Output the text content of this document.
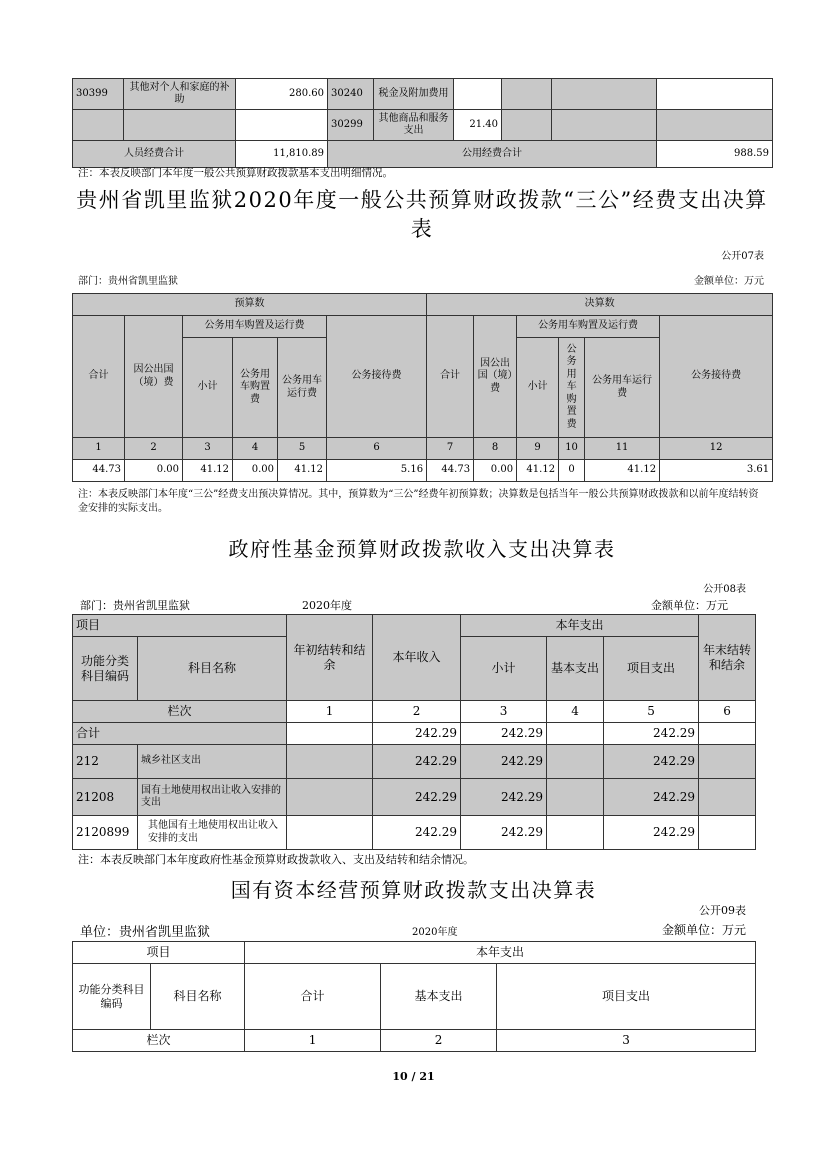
30399	其他对个人和家庭的补助	280.60	30240	税金及附加费用				
			30299	其他商品和服务支出	21.40			
人员经费合计		11,810.89	公用经费合计					988.59
注：本表反映部门本年度一般公共预算财政拨款基本支出明细情况。
贵州省凯里监狱2020年度一般公共预算财政拨款“三公”经费支出决算表
公开07表
部门：贵州省凯里监狱	金额单位：万元
预算数						决算数					
合计	因公出国（境）费	公务用车购置及运行费			公务接待费	合计	因公出国（境）费	公务用车购置及运行费			公务接待费
		小计	公务用车购置费	公务用车运行费				小计	公务用车购置费	公务用车运行费	
1	2	3	4	5	6	7	8	9	10	11	12
44.73	0.00	41.12	0.00	41.12	5.16	44.73	0.00	41.12	0	41.12	3.61
注：本表反映部门本年度“三公”经费支出预决算情况。其中，预算数为“三公”经费年初预算数；决算数是包括当年一般公共预算财政拨款和以前年度结转资金安排的实际支出。
政府性基金预算财政拨款收入支出决算表
公开08表
部门：贵州省凯里监狱	2020年度	金额单位：万元
项目		年初结转和结余	本年收入	本年支出			年末结转和结余
功能分类科目编码	科目名称			小计	基本支出	项目支出	
栏次		1	2	3	4	5	6
合计			242.29	242.29		242.29	
212	城乡社区支出		242.29	242.29		242.29	
21208	国有土地使用权出让收入安排的支出		242.29	242.29		242.29	
2120899	其他国有土地使用权出让收入安排的支出		242.29	242.29		242.29	
注：本表反映部门本年度政府性基金预算财政拨款收入、支出及结转和结余情况。
国有资本经营预算财政拨款支出决算表
公开09表
单位：贵州省凯里监狱	2020年度	金额单位：万元
项目		本年支出		
功能分类科目编码	科目名称	合计	基本支出	项目支出
栏次		1	2	3
10 / 21
